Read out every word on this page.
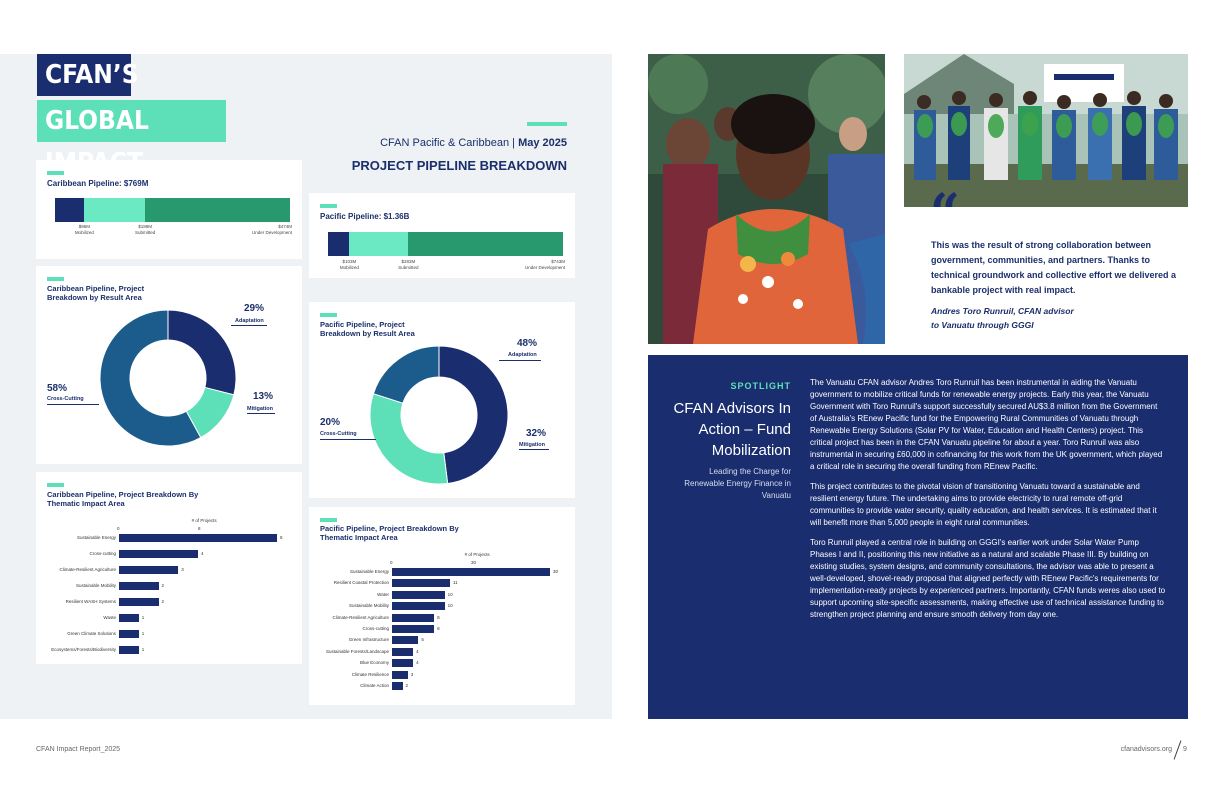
CFAN’S
GLOBAL
CFAN Pacific & Caribbean | May 2025
PROJECT PIPELINE BREAKDOWN
Caribbean Pipeline: $769M
$96M
Mobilized
$199M
Submitted
$474M
Under Development
Pacific Pipeline: $1.36B
$103M
Mobilized
$283M
Submitted
$743M
Under Development
Caribbean Pipeline, Project Breakdown by Result Area
29%
Adaptation
13%
Mitigation
58%
Cross-Cutting
Pacific Pipeline, Project Breakdown by Result Area
48%
Adaptation
32%
Mitigation
20%
Cross-Cutting
Caribbean Pipeline, Project Breakdown By Thematic Impact Area
# of Projects
0	8
Sustainable Energy	8
Cross-cutting	4
Climate-Resilient Agriculture	3
Sustainable Mobility	2
Resilient WASH Systems	2
Waste	1
Green Climate Solutions	1
Ecosystems/Forests/Biodiversity	1
Pacific Pipeline, Project Breakdown By Thematic Impact Area
# of Projects
0	30
Sustainable Energy	30
Resilient Coastal Protection	11
Water	10
Sustainable Mobility	10
Climate-Resilient Agriculture	8
Cross-cutting	8
Green Infrastructure	5
Sustainable Forests/Landscape	4
Blue Economy	4
Climate Resilience	3
Climate Action	2
“
This was the result of strong collaboration between government, communities, and partners. Thanks to technical groundwork and collective effort we delivered a bankable project with real impact.
Andres Toro Runruil, CFAN advisor
to Vanuatu through GGGI
SPOTLIGHT
CFAN Advisors In Action – Fund Mobilization
Leading the Charge for Renewable Energy Finance in Vanuatu

The Vanuatu CFAN advisor Andres Toro Runruil has been instrumental in aiding the Vanuatu government to mobilize critical funds for renewable energy projects. Early this year, the Vanuatu Government with Toro Runruil's support successfully secured AU$3.8 million from the Government of Australia's REnew Pacific fund for the Empowering Rural Communities of Vanuatu through Renewable Energy Solutions (Solar PV for Water, Education and Health Centers) project. This critical project has been in the CFAN Vanuatu pipeline for about a year. Toro Runruil was also instrumental in securing £60,000 in cofinancing for this work from the UK government, which played a critical role in securing the overall funding from REnew Pacific.

This project contributes to the pivotal vision of transitioning Vanuatu toward a sustainable and resilient energy future. The undertaking aims to provide electricity to rural remote off-grid communities to provide water security, quality education, and health services. It is estimated that it will benefit more than 5,000 people in eight rural communities.

Toro Runruil played a central role in building on GGGI's earlier work under Solar Water Pump Phases I and II, positioning this new initiative as a natural and scalable Phase III. By building on existing studies, system designs, and community consultations, the advisor was able to present a well-developed, shovel-ready proposal that aligned perfectly with REnew Pacific's requirements for implementation-ready projects by experienced partners. Importantly, CFAN funds weres also used to support upcoming site-specific assessments, making effective use of technical assistance funding to strengthen project planning and ensure smooth delivery from day one.

CFAN Impact Report_2025	cfanadvisors.org 9
